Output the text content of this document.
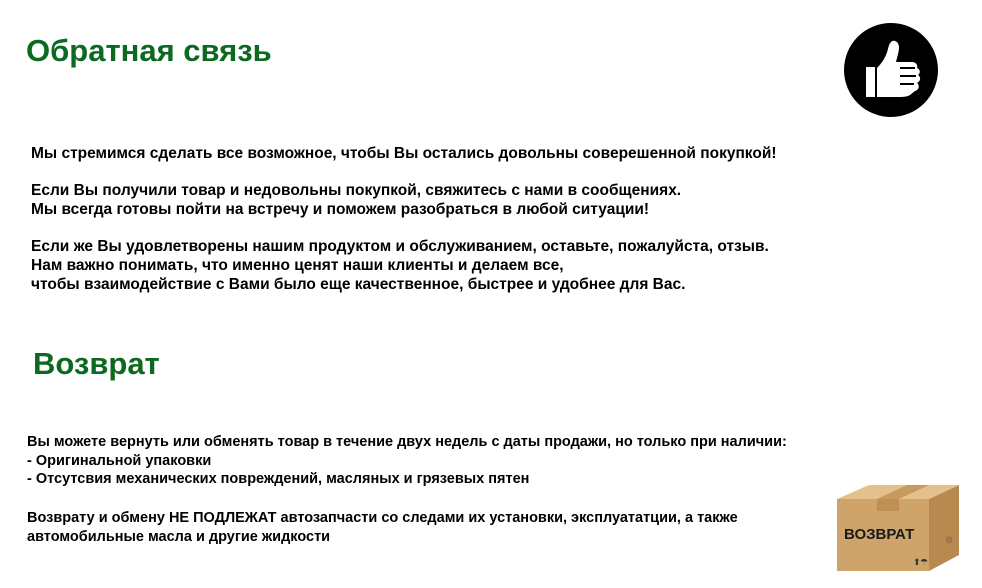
Обратная связь
Мы стремимся сделать все возможное, чтобы Вы остались довольны соверешенной покупкой!
Если Вы получили товар и недовольны покупкой, свяжитесь с нами в сообщениях.
Мы всегда готовы пойти на встречу и поможем разобраться в любой ситуации!
Если же Вы удовлетворены нашим продуктом и обслуживанием, оставьте, пожалуйста, отзыв.
Нам важно понимать, что именно ценят наши клиенты и делаем все,
чтобы взаимодействие с Вами было еще качественное, быстрее и удобнее для Вас.
Возврат
Вы можете вернуть или обменять товар в течение двух недель с даты продажи, но только при наличии:
- Оригинальной упаковки
- Отсутсвия механических повреждений, масляных и грязевых пятен
Возврату и обмену НЕ ПОДЛЕЖАТ автозапчасти со следами их установки, эксплуататции, а также
автомобильные масла и другие жидкости	ВОЗВРАТ
⬆ ☂
♲
